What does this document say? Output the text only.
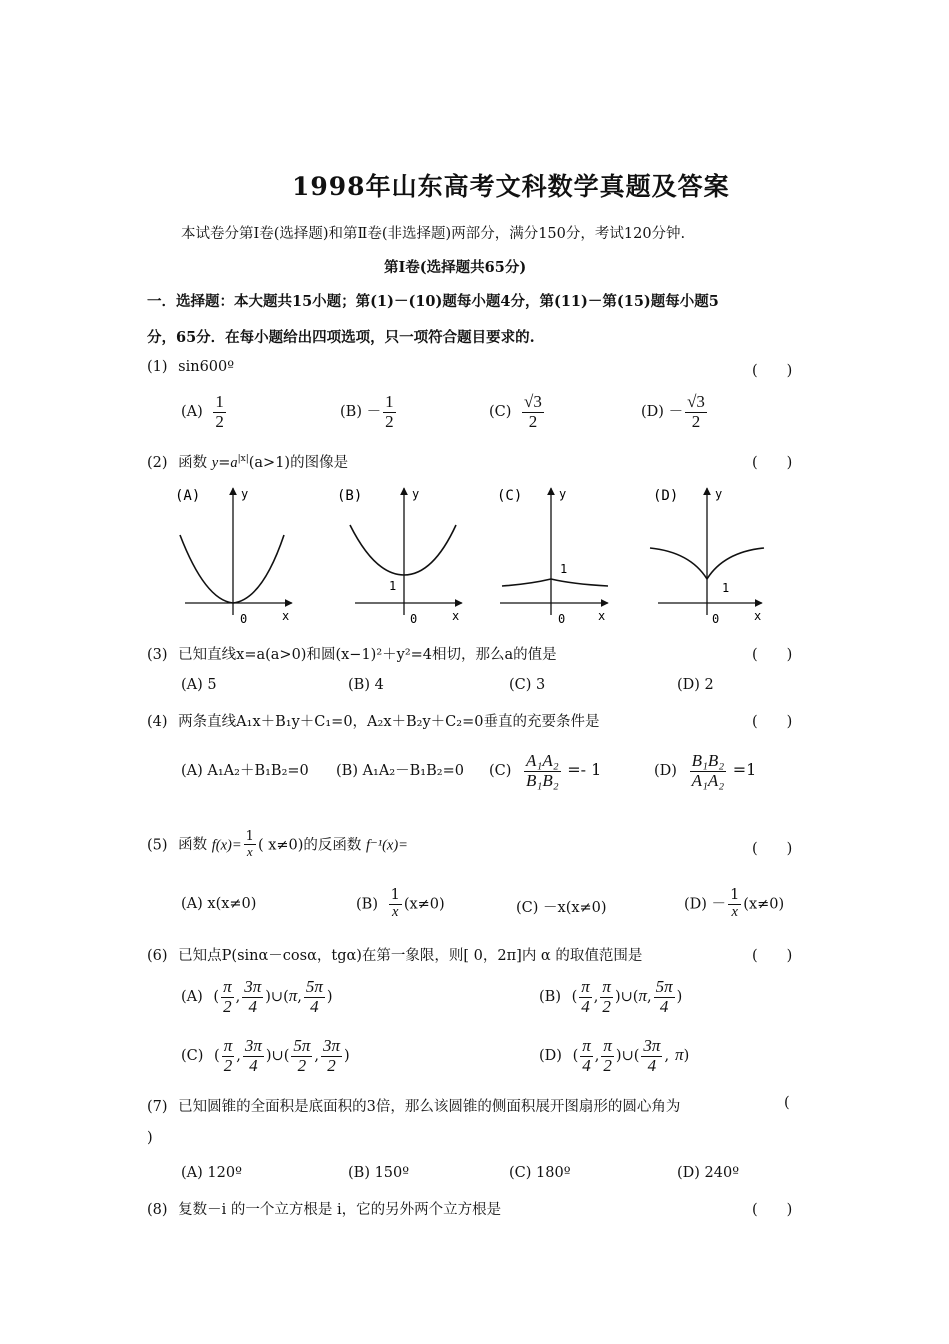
1998年山东高考文科数学真题及答案
本试卷分第Ⅰ卷(选择题)和第Ⅱ卷(非选择题)两部分，满分150分，考试120分钟.
第Ⅰ卷(选择题共65分)
一．选择题：本大题共15小题；第(1)－(10)题每小题4分，第(11)－第(15)题每小题5
分，65分．在每小题给出四项选项，只一项符合题目要求的.
(1) sin600º	(　　)
$(A) \frac{1}{2}$	$(B) - \frac{1}{2}$	$(C) \frac{√3}{2}$	$(D) - \frac{√3}{2}$
(2) 函数 $y=a^{|x|}(a>1)$的图像是	(　　)
(A)	y
x
0
(B)	y
x
0
1
(C)	y
x
0
1
(D)	y
x
0
1
(3) 已知直线x=a(a>0)和圆(x−1)²＋y²=4相切，那么a的值是	(　　)
(A) 5	(B) 4	(C) 3	(D) 2
(4) 两条直线A₁x＋B₁y＋C₁=0，A₂x＋B₂y＋C₂=0垂直的充要条件是	(　　)
(A) A₁A₂＋B₁B₂=0 (B) A₁A₂－B₁B₂=0 $(C) \frac{\text{A₁A₂}}{\text{B₁B₂}} =- 1$	$(D) \frac{\text{B₁B₂}}{\text{A₁A₂}} =1$
(5) 函数 $f(x)= \frac{1}{x}$ ( x≠0)的反函数 f⁻¹(x)=	(　　)
(A) x(x≠0)	$(B) \frac{1}{x} (x\ne 0)$	(C) －x(x≠0)	$(D) - \frac{1}{x} (x\ne 0)$
(6) 已知点P(sinα－cosα，tgα)在第一象限，则[ 0，2π]内 α 的取值范围是	(　　)
(A) ( $\frac{\pi}{2}$ , $\frac{3\pi}{4}$ )∪(π, $\frac{5\pi}{4}$ )	(B) ( $\frac{\pi}{4}$ , $\frac{\pi}{2}$ )∪(π, $\frac{5\pi}{4}$ )
(C) ( $\frac{\pi}{2}$ , $\frac{3\pi}{4}$ )∪( $\frac{5\pi}{2}$ , $\frac{3\pi}{2}$ )	(D) ( $\frac{\pi}{4}$ , $\frac{\pi}{2}$ )∪( $\frac{3\pi}{4}$ , π)
(7) 已知圆锥的全面积是底面积的3倍，那么该圆锥的侧面积展开图扇形的圆心角为	(
)
(A) 120º	(B) 150º	(C) 180º	(D) 240º
(8) 复数－i 的一个立方根是 i，它的另外两个立方根是	(　　)
